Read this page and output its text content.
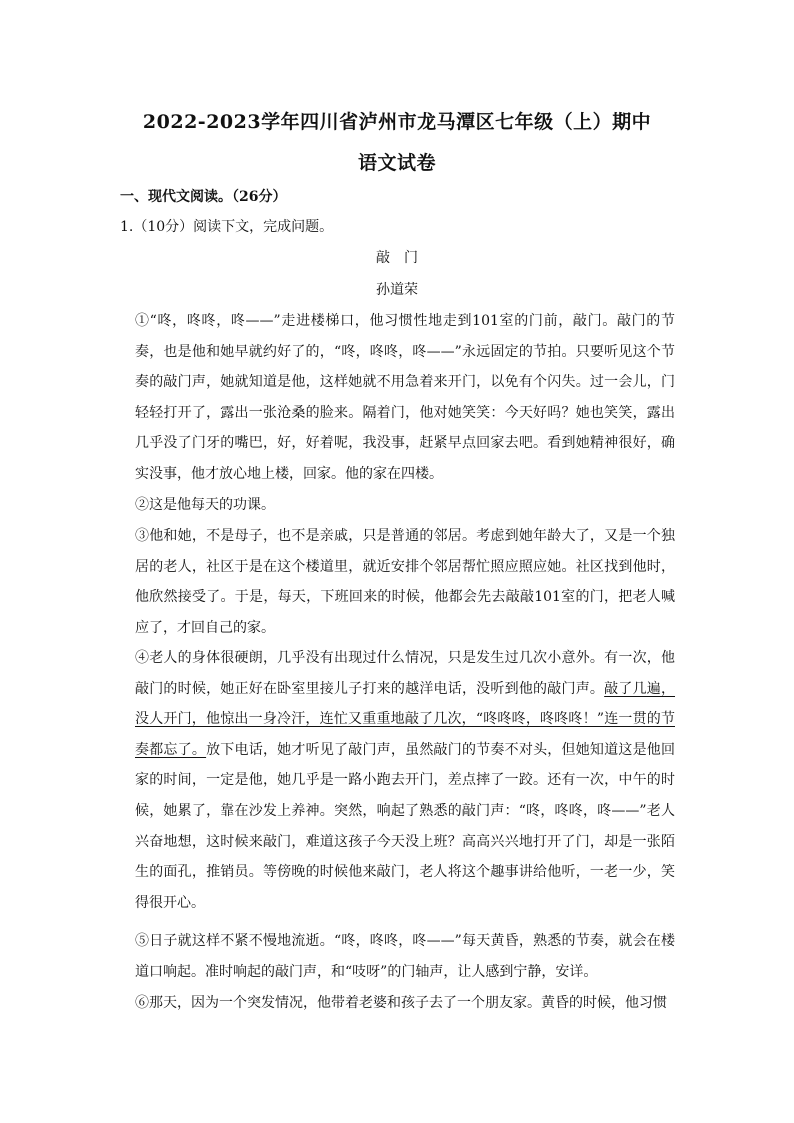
2022-2023学年四川省泸州市龙马潭区七年级（上）期中
语文试卷
一、现代文阅读。（26分）
1.（10分）阅读下文，完成问题。
敲　门
孙道荣
①“咚，咚咚，咚——”走进楼梯口，他习惯性地走到101室的门前，敲门。敲门的节奏，也是他和她早就约好了的，“咚，咚咚，咚——”永远固定的节拍。只要听见这个节奏的敲门声，她就知道是他，这样她就不用急着来开门，以免有个闪失。过一会儿，门轻轻打开了，露出一张沧桑的脸来。隔着门，他对她笑笑：今天好吗？她也笑笑，露出几乎没了门牙的嘴巴，好，好着呢，我没事，赶紧早点回家去吧。看到她精神很好，确实没事，他才放心地上楼，回家。他的家在四楼。
②这是他每天的功课。
③他和她，不是母子，也不是亲戚，只是普通的邻居。考虑到她年龄大了，又是一个独居的老人，社区于是在这个楼道里，就近安排个邻居帮忙照应照应她。社区找到他时，他欣然接受了。于是，每天，下班回来的时候，他都会先去敲敲101室的门，把老人喊应了，才回自己的家。
④老人的身体很硬朗，几乎没有出现过什么情况，只是发生过几次小意外。有一次，他敲门的时候，她正好在卧室里接儿子打来的越洋电话，没听到他的敲门声。敲了几遍，没人开门，他惊出一身冷汗，连忙又重重地敲了几次，“咚咚咚，咚咚咚！”连一贯的节奏都忘了。放下电话，她才听见了敲门声，虽然敲门的节奏不对头，但她知道这是他回家的时间，一定是他，她几乎是一路小跑去开门，差点摔了一跤。还有一次，中午的时候，她累了，靠在沙发上养神。突然，响起了熟悉的敲门声：“咚，咚咚，咚——”老人兴奋地想，这时候来敲门，难道这孩子今天没上班？高高兴兴地打开了门，却是一张陌生的面孔，推销员。等傍晚的时候他来敲门，老人将这个趣事讲给他听，一老一少，笑得很开心。
⑤日子就这样不紧不慢地流逝。“咚，咚咚，咚——”每天黄昏，熟悉的节奏，就会在楼道口响起。准时响起的敲门声，和“吱呀”的门轴声，让人感到宁静，安详。
⑥那天，因为一个突发情况，他带着老婆和孩子去了一个朋友家。黄昏的时候，他习惯
